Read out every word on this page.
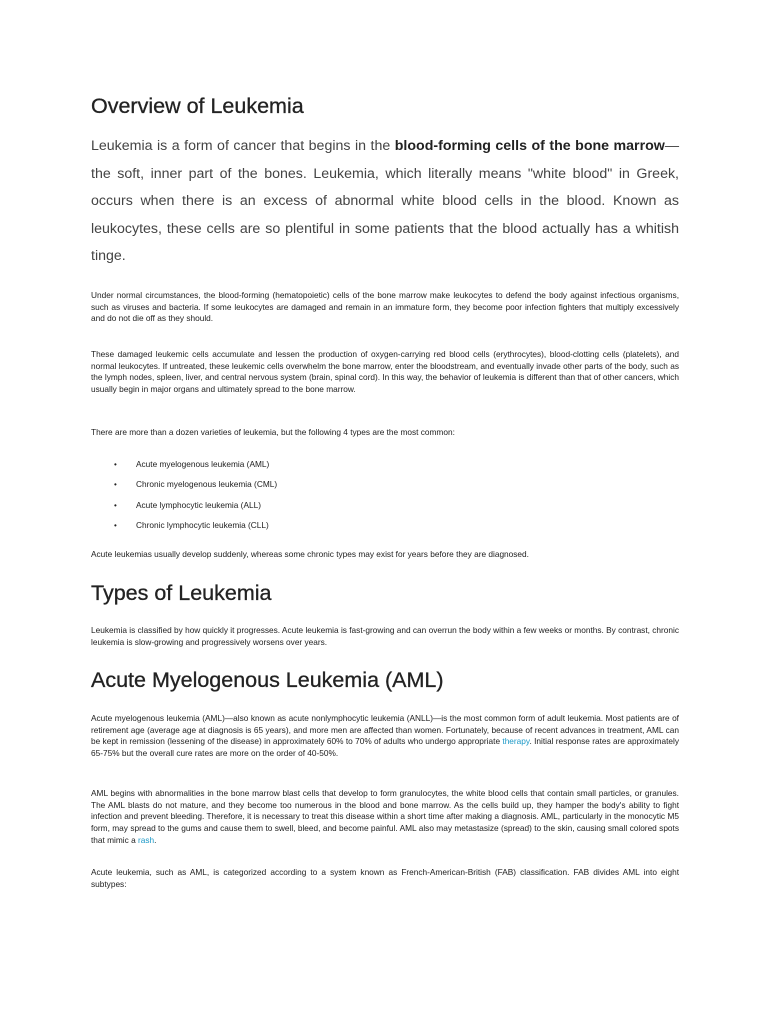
Overview of Leukemia

Leukemia is a form of cancer that begins in the blood-forming cells of the bone marrow—the soft, inner part of the bones. Leukemia, which literally means "white blood" in Greek, occurs when there is an excess of abnormal white blood cells in the blood. Known as leukocytes, these cells are so plentiful in some patients that the blood actually has a whitish tinge.

Under normal circumstances, the blood-forming (hematopoietic) cells of the bone marrow make leukocytes to defend the body against infectious organisms, such as viruses and bacteria. If some leukocytes are damaged and remain in an immature form, they become poor infection fighters that multiply excessively and do not die off as they should.

These damaged leukemic cells accumulate and lessen the production of oxygen-carrying red blood cells (erythrocytes), blood-clotting cells (platelets), and normal leukocytes. If untreated, these leukemic cells overwhelm the bone marrow, enter the bloodstream, and eventually invade other parts of the body, such as the lymph nodes, spleen, liver, and central nervous system (brain, spinal cord). In this way, the behavior of leukemia is different than that of other cancers, which usually begin in major organs and ultimately spread to the bone marrow.

There are more than a dozen varieties of leukemia, but the following 4 types are the most common:

• Acute myelogenous leukemia (AML)
• Chronic myelogenous leukemia (CML)
• Acute lymphocytic leukemia (ALL)
• Chronic lymphocytic leukemia (CLL)

Acute leukemias usually develop suddenly, whereas some chronic types may exist for years before they are diagnosed.

Types of Leukemia

Leukemia is classified by how quickly it progresses. Acute leukemia is fast-growing and can overrun the body within a few weeks or months. By contrast, chronic leukemia is slow-growing and progressively worsens over years.

Acute Myelogenous Leukemia (AML)

Acute myelogenous leukemia (AML)—also known as acute nonlymphocytic leukemia (ANLL)—is the most common form of adult leukemia. Most patients are of retirement age (average age at diagnosis is 65 years), and more men are affected than women. Fortunately, because of recent advances in treatment, AML can be kept in remission (lessening of the disease) in approximately 60% to 70% of adults who undergo appropriate therapy. Initial response rates are approximately 65-75% but the overall cure rates are more on the order of 40-50%.

AML begins with abnormalities in the bone marrow blast cells that develop to form granulocytes, the white blood cells that contain small particles, or granules. The AML blasts do not mature, and they become too numerous in the blood and bone marrow. As the cells build up, they hamper the body's ability to fight infection and prevent bleeding. Therefore, it is necessary to treat this disease within a short time after making a diagnosis. AML, particularly in the monocytic M5 form, may spread to the gums and cause them to swell, bleed, and become painful. AML also may metastasize (spread) to the skin, causing small colored spots that mimic a rash.

Acute leukemia, such as AML, is categorized according to a system known as French-American-British (FAB) classification. FAB divides AML into eight subtypes:
